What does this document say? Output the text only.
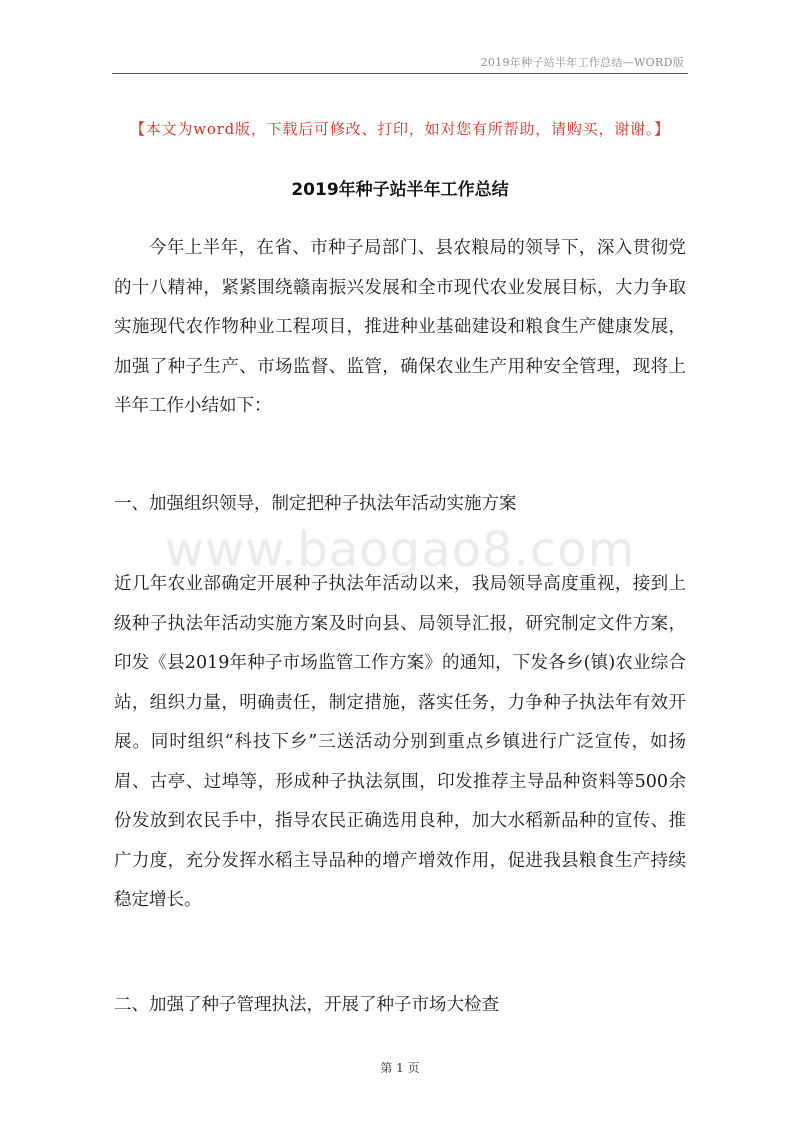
2019年种子站半年工作总结—WORD版
【本文为word版，下载后可修改、打印，如对您有所帮助，请购买，谢谢。】
2019年种子站半年工作总结

今年上半年，在省、市种子局部门、县农粮局的领导下，深入贯彻党的十八精神，紧紧围绕赣南振兴发展和全市现代农业发展目标，大力争取实施现代农作物种业工程项目，推进种业基础建设和粮食生产健康发展，加强了种子生产、市场监督、监管，确保农业生产用种安全管理，现将上半年工作小结如下：

一、加强组织领导，制定把种子执法年活动实施方案

www.baogao8.com

近几年农业部确定开展种子执法年活动以来，我局领导高度重视，接到上级种子执法年活动实施方案及时向县、局领导汇报，研究制定文件方案，印发《县2019年种子市场监管工作方案》的通知，下发各乡(镇)农业综合站，组织力量，明确责任，制定措施，落实任务，力争种子执法年有效开展。同时组织“科技下乡”三送活动分别到重点乡镇进行广泛宣传，如扬眉、古亭、过埠等，形成种子执法氛围，印发推荐主导品种资料等500余份发放到农民手中，指导农民正确选用良种，加大水稻新品种的宣传、推广力度，充分发挥水稻主导品种的增产增效作用，促进我县粮食生产持续稳定增长。

二、加强了种子管理执法，开展了种子市场大检查

第 1 页
